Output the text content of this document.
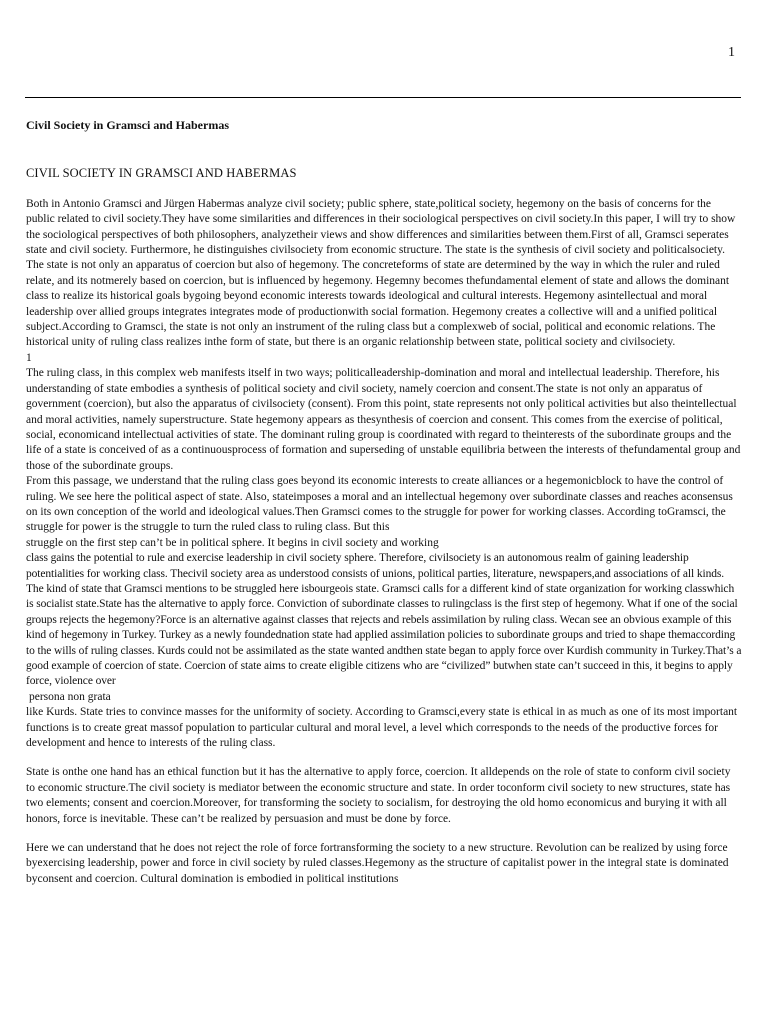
1
Civil Society in Gramsci and Habermas
CIVIL SOCIETY IN GRAMSCI AND HABERMAS

Both in Antonio Gramsci and Jürgen Habermas analyze civil society; public sphere, state,political society, hegemony on the basis of concerns for the public related to civil society.They have some similarities and differences in their sociological perspectives on civil society.In this paper, I will try to show the sociological perspectives of both philosophers, analyzetheir views and show differences and similarities between them.First of all, Gramsci seperates state and civil society. Furthermore, he distinguishes civilsociety from economic structure. The state is the synthesis of civil society and politicalsociety. The state is not only an apparatus of coercion but also of hegemony. The concreteforms of state are determined by the way in which the ruler and ruled relate, and its notmerely based on coercion, but is influenced by hegemony. Hegemny becomes thefundamental element of state and allows the dominant class to realize its historical goals bygoing beyond economic interests towards ideological and cultural interests. Hegemony asintellectual and moral leadership over allied groups integrates integrates mode of productionwith social formation. Hegemony creates a collective will and a unified political subject.According to Gramsci, the state is not only an instrument of the ruling class but a complexweb of social, political and economic relations. The historical unity of ruling class realizes inthe form of state, but there is an organic relationship between state, political society and civilsociety.

1

The ruling class, in this complex web manifests itself in two ways; politicalleadership-domination and moral and intellectual leadership. Therefore, his understanding of state embodies a synthesis of political society and civil society, namely coercion and consent.The state is not only an apparatus of government (coercion), but also the apparatus of civilsociety (consent). From this point, state represents not only political activities but also theintellectual and moral activities, namely superstructure. State hegemony appears as thesynthesis of coercion and consent. This comes from the exercise of political, social, economicand intellectual activities of state. The dominant ruling group is coordinated with regard to theinterests of the subordinate groups and the life of a state is conceived of as a continuousprocess of formation and superseding of unstable equilibria between the interests of thefundamental group and those of the subordinate groups.

From this passage, we understand that the ruling class goes beyond its economic interests to create alliances or a hegemonicblock to have the control of ruling. We see here the political aspect of state. Also, stateimposes a moral and an intellectual hegemony over subordinate classes and reaches aconsensus on its own conception of the world and ideological values.Then Gramsci comes to the struggle for power for working classes. According toGramsci, the struggle for power is the struggle to turn the ruled class to ruling class. But this

struggle on the first step can’t be in political sphere. It begins in civil society and working

class gains the potential to rule and exercise leadership in civil society sphere. Therefore, civilsociety is an autonomous realm of gaining leadership potentialities for working class. Thecivil society area as understood consists of unions, political parties, literature, newspapers,and associations of all kinds. The kind of state that Gramsci mentions to be struggled here isbourgeois state. Gramsci calls for a different kind of state organization for working classwhich is socialist state.State has the alternative to apply force. Conviction of subordinate classes to rulingclass is the first step of hegemony. What if one of the social groups rejects the hegemony?Force is an alternative against classes that rejects and rebels assimilation by ruling class. Wecan see an obvious example of this kind of hegemony in Turkey. Turkey as a newly foundednation state had applied assimilation policies to subordinate groups and tried to shape themaccording to the wills of ruling classes. Kurds could not be assimilated as the state wanted andthen state began to apply force over Kurdish community in Turkey.That’s a good example of coercion of state. Coercion of state aims to create eligible citizens who are “civilized” butwhen state can’t succeed in this, it begins to apply force, violence over

persona non grata

like Kurds. State tries to convince masses for the uniformity of society. According to Gramsci,every state is ethical in as much as one of its most important functions is to create great massof population to particular cultural and moral level, a level which corresponds to the needs of the productive forces for development and hence to interests of the ruling class.

State is onthe one hand has an ethical function but it has the alternative to apply force, coercion. It alldepends on the role of state to conform civil society to economic structure.The civil society is mediator between the economic structure and state. In order toconform civil society to new structures, state has two elements; consent and coercion.Moreover, for transforming the society to socialism, for destroying the old homo economicus and burying it with all honors, force is inevitable. These can’t be realized by persuasion and must be done by force.

Here we can understand that he does not reject the role of force fortransforming the society to a new structure. Revolution can be realized by using force byexercising leadership, power and force in civil society by ruled classes.Hegemony as the structure of capitalist power in the integral state is dominated byconsent and coercion. Cultural domination is embodied in political institutions
